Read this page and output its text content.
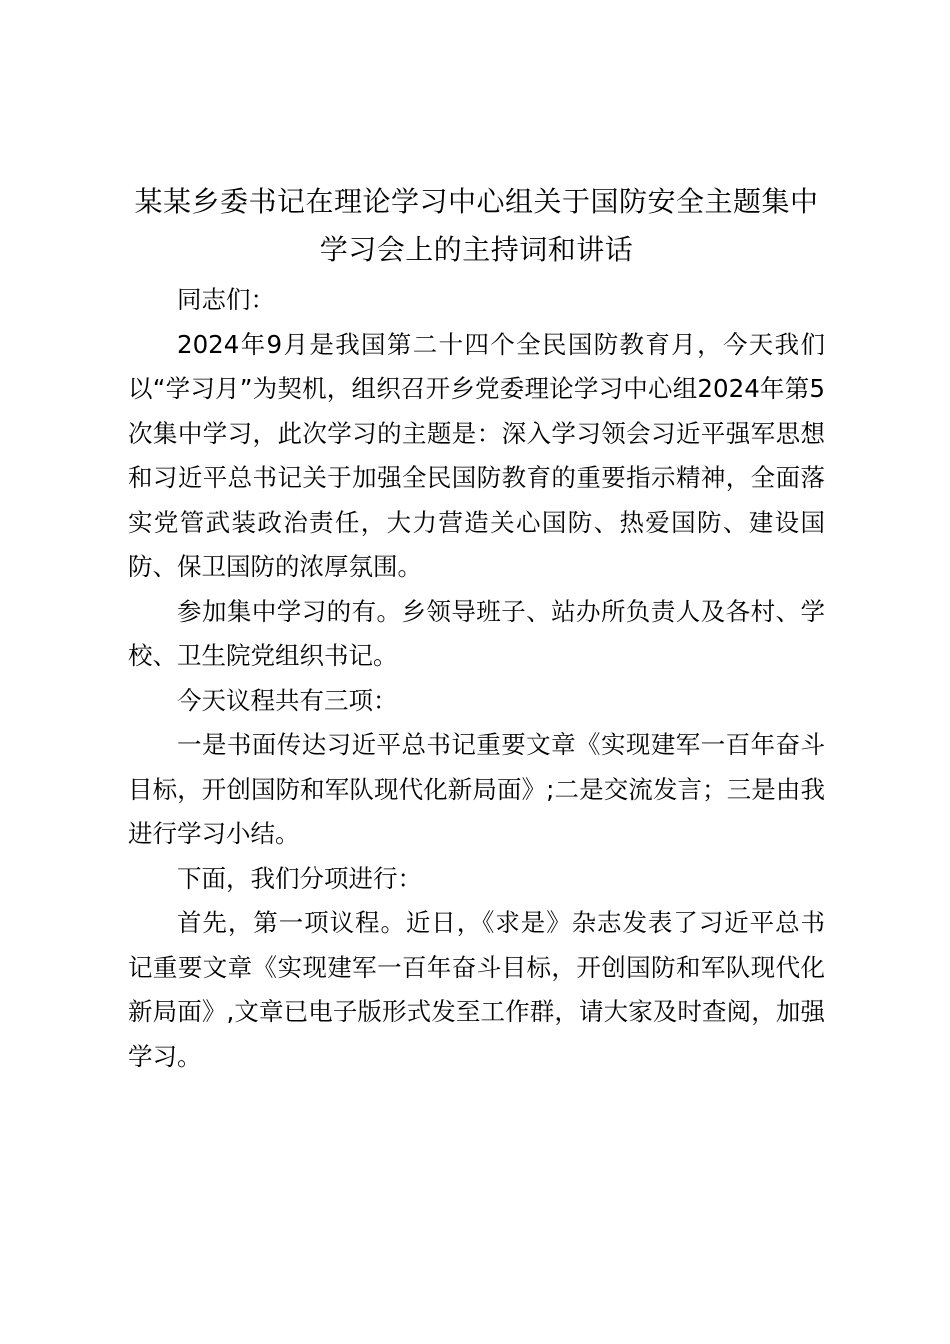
某某乡委书记在理论学习中心组关于国防安全主题集中学习会上的主持词和讲话

同志们：

2024年9月是我国第二十四个全民国防教育月，今天我们以“学习月”为契机，组织召开乡党委理论学习中心组2024年第5次集中学习，此次学习的主题是：深入学习领会习近平强军思想和习近平总书记关于加强全民国防教育的重要指示精神，全面落实党管武装政治责任，大力营造关心国防、热爱国防、建设国防、保卫国防的浓厚氛围。

参加集中学习的有。乡领导班子、站办所负责人及各村、学校、卫生院党组织书记。

今天议程共有三项：

一是书面传达习近平总书记重要文章《实现建军一百年奋斗目标，开创国防和军队现代化新局面》;二是交流发言；三是由我进行学习小结。

下面，我们分项进行：

首先，第一项议程。近日，《求是》杂志发表了习近平总书记重要文章《实现建军一百年奋斗目标，开创国防和军队现代化新局面》,文章已电子版形式发至工作群，请大家及时查阅，加强学习。
